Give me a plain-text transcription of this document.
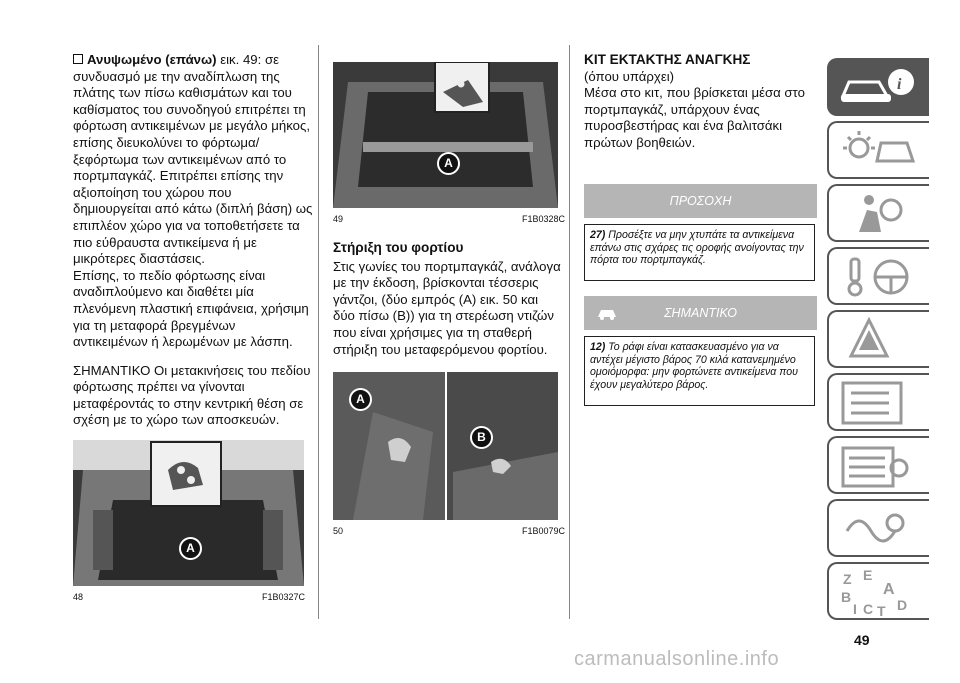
Ανυψωμένο (επάνω) εικ. 49: σε συνδυασμό με την αναδίπλωση της πλάτης των πίσω καθισμάτων και του καθίσματος του συνοδηγού επιτρέπει τη φόρτωση αντικειμένων με μεγάλο μήκος, επίσης διευκολύνει το φόρτωμα/ξεφόρτωμα των αντικειμένων από το πορτμπαγκάζ. Επιτρέπει επίσης την αξιοποίηση του χώρου που δημιουργείται από κάτω (διπλή βάση) ως επιπλέον χώρο για να τοποθετήσετε τα πιο εύθραυστα αντικείμενα ή με μικρότερες διαστάσεις.

Επίσης, το πεδίο φόρτωσης είναι αναδιπλούμενο και διαθέτει μία πλενόμενη πλαστική επιφάνεια, χρήσιμη για τη μεταφορά βρεγμένων αντικειμένων ή λερωμένων με λάσπη.

ΣΗΜΑΝΤΙΚΟ Οι μετακινήσεις του πεδίου φόρτωσης πρέπει να γίνονται μεταφέροντάς το στην κεντρική θέση σε σχέση με το χώρο των αποσκευών.

A
48	F1B0327C
A
49	F1B0328C

Στήριξη του φορτίου

Στις γωνίες του πορτμπαγκάζ, ανάλογα με την έκδοση, βρίσκονται τέσσερις γάντζοι, (δύο εμπρός (A) εικ. 50 και δύο πίσω (B)) για τη στερέωση ντιζών που είναι χρήσιμες για τη σταθερή στήριξη του μεταφερόμενου φορτίου.

A
B
50	F1B0079C

ΚΙΤ ΕΚΤΑΚΤΗΣ ΑΝΑΓΚΗΣ

(όπου υπάρχει)

Μέσα στο κιτ, που βρίσκεται μέσα στο πορτμπαγκάζ, υπάρχουν ένας πυροσβεστήρας και ένα βαλιτσάκι πρώτων βοηθειών.

ΠΡΟΣΟΧΗ
27) Προσέξτε να μην χτυπάτε τα αντικείμενα επάνω στις σχάρες τις οροφής ανοίγοντας την πόρτα του πορτμπαγκάζ.
ΣΗΜΑΝΤΙΚΟ
12) Το ράφι είναι κατασκευασμένο για να αντέχει μέγιστο βάρος 70 κιλά κατανεμημένο ομοιόμορφα: μην φορτώνετε αντικείμενα που έχουν μεγαλύτερο βάρος.
i
Z E
B A
I C T D
49
carmanualsonline.info
